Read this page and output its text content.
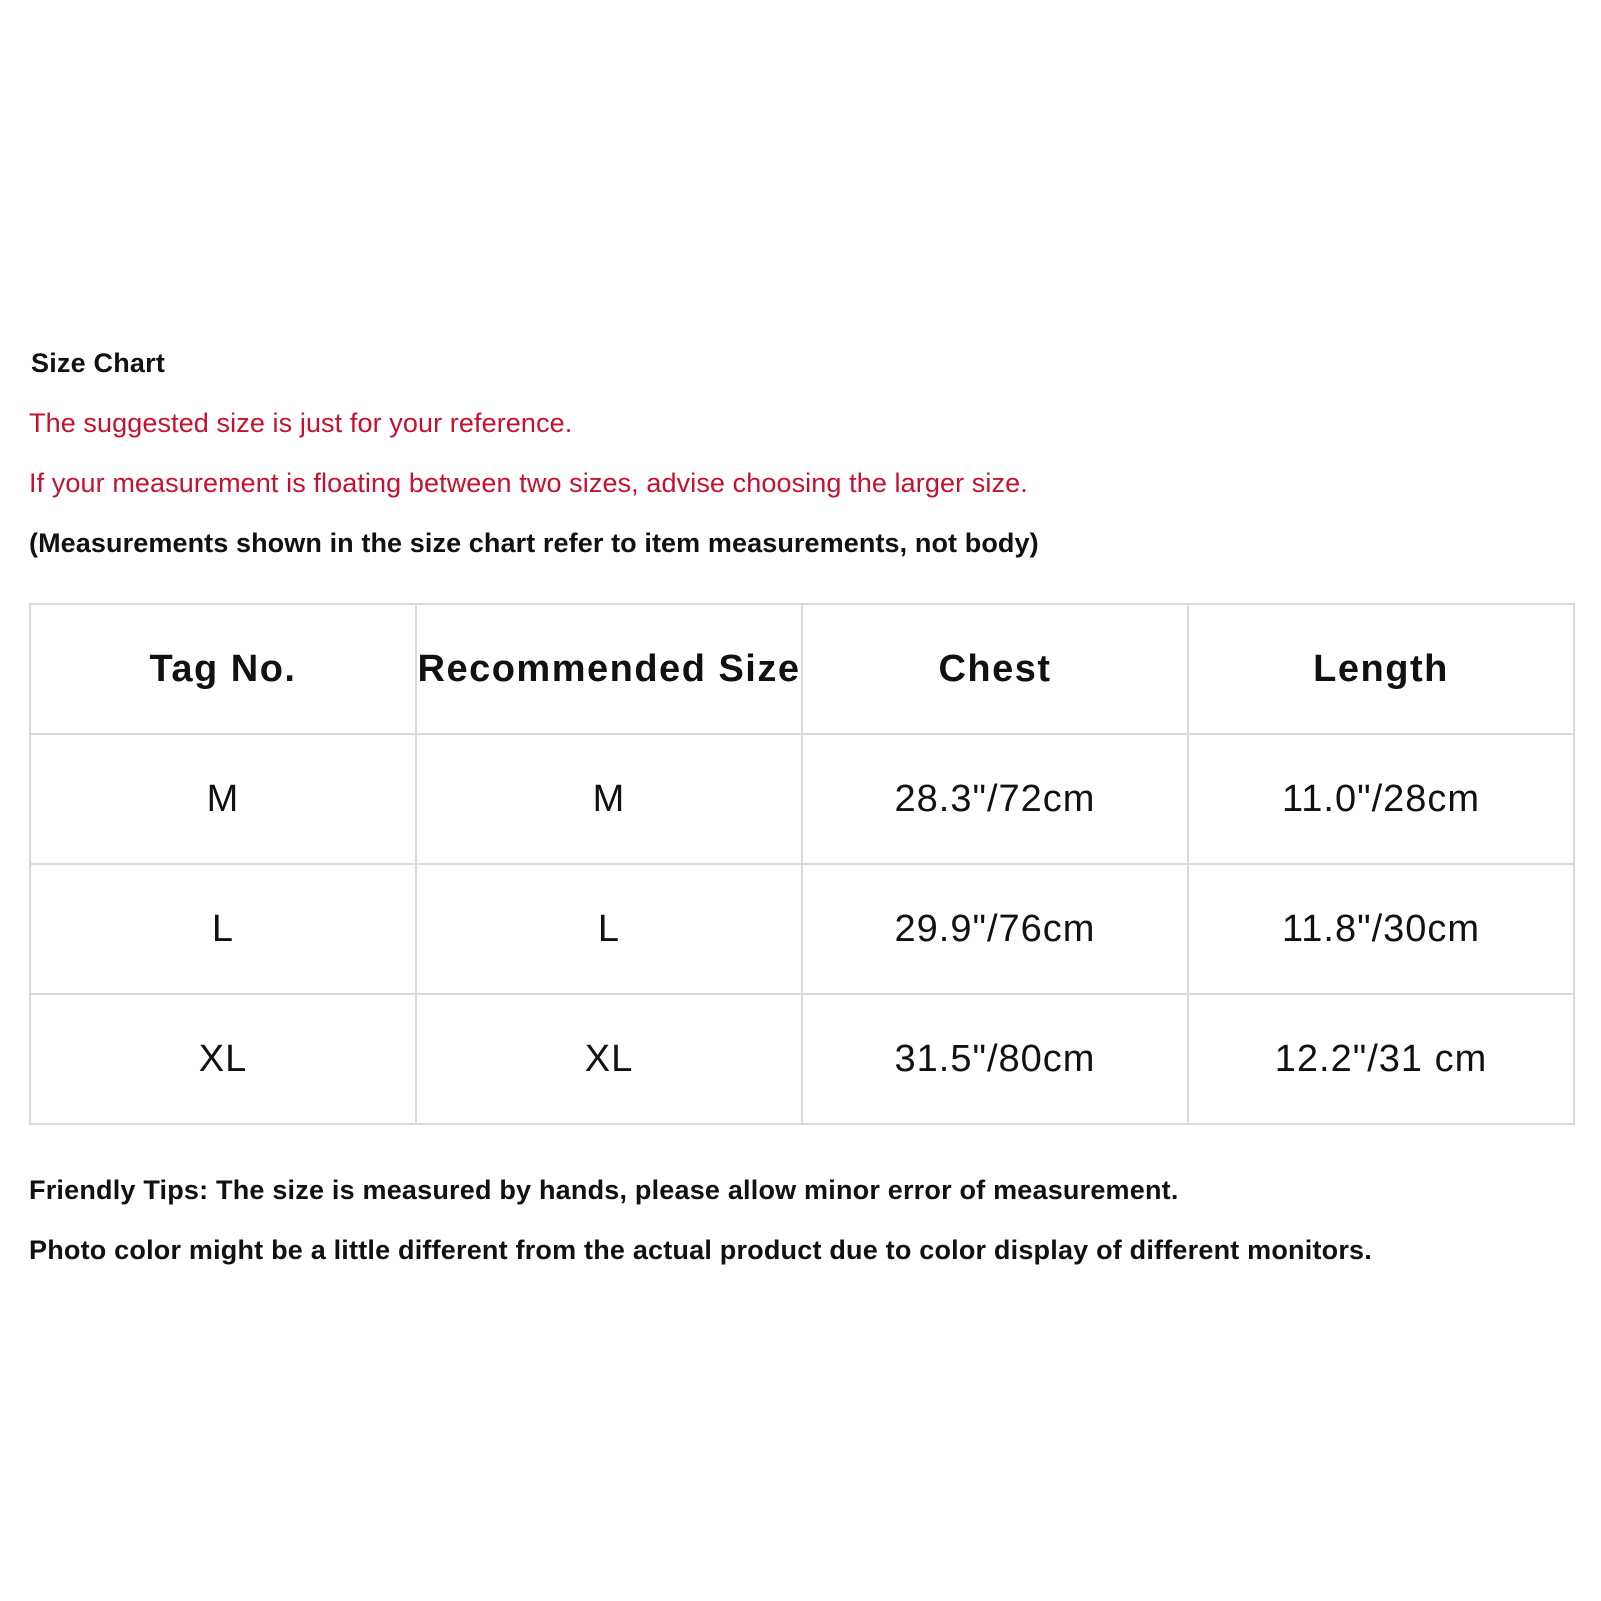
Size Chart
The suggested size is just for your reference.
If your measurement is floating between two sizes, advise choosing the larger size.
(Measurements shown in the size chart refer to item measurements, not body)
Tag No.	Recommended Size	Chest	Length
M	M	28.3"/72cm	11.0"/28cm
L	L	29.9"/76cm	11.8"/30cm
XL	XL	31.5"/80cm	12.2"/31 cm
Friendly Tips: The size is measured by hands, please allow minor error of measurement.
Photo color might be a little different from the actual product due to color display of different monitors.
